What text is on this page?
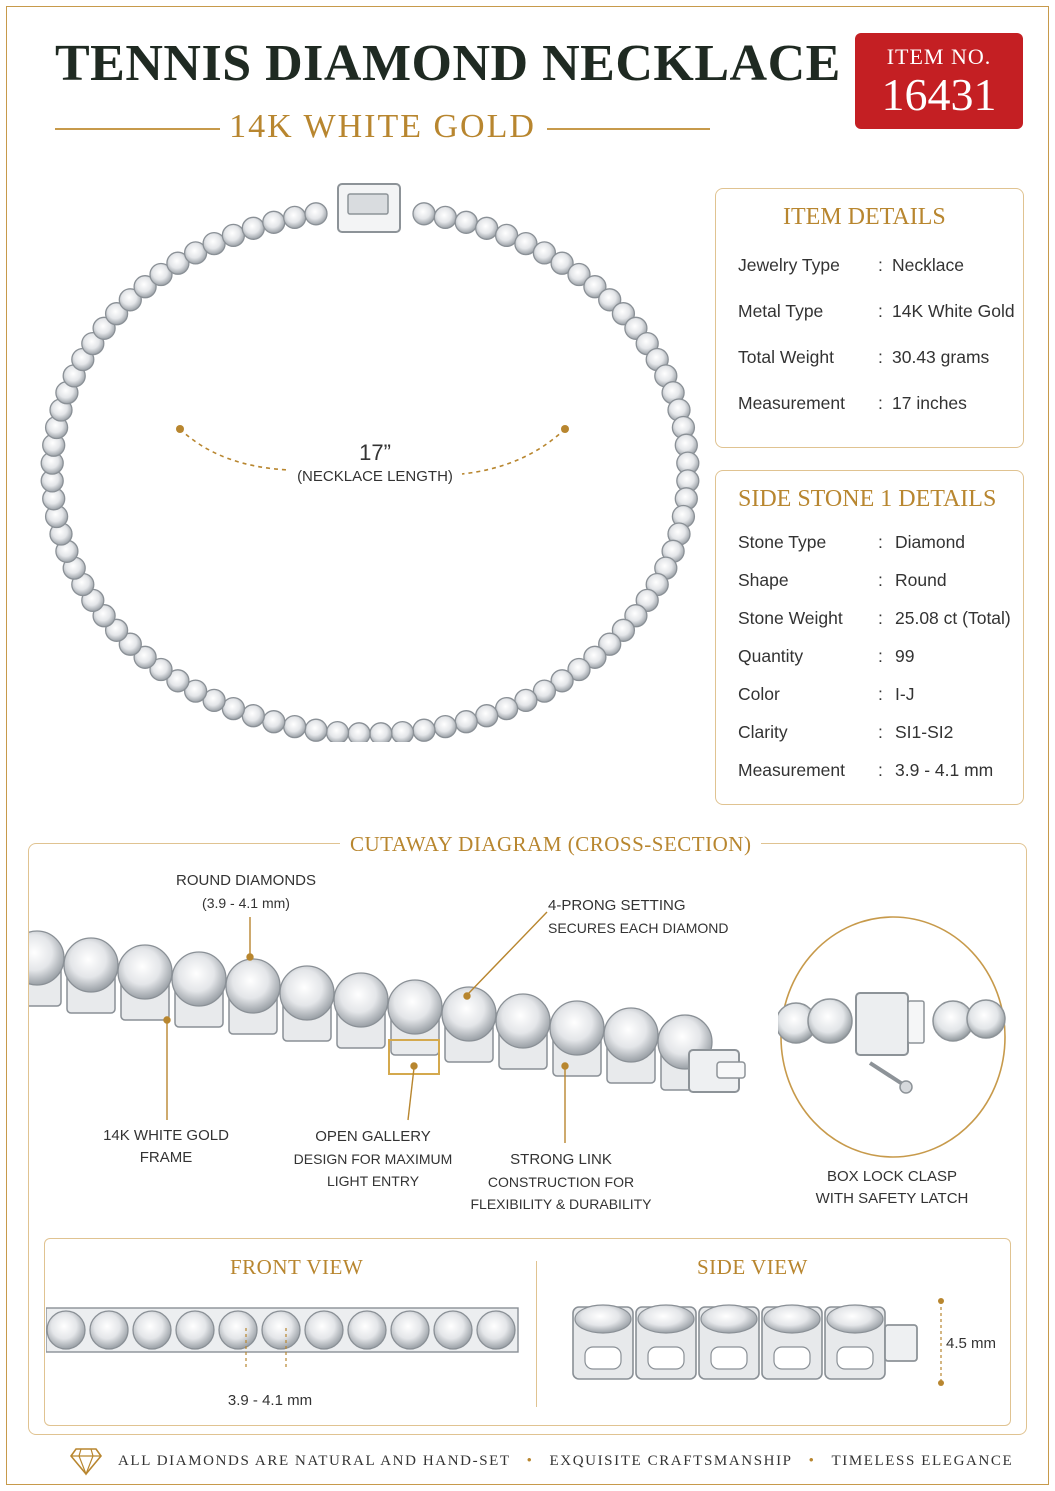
TENNIS DIAMOND NECKLACE
14K WHITE GOLD
ITEM NO.
16431
17”
(NECKLACE LENGTH)
ITEM DETAILS
Jewelry Type : Necklace
Metal Type	: 14K White Gold
Total Weight	: 30.43 grams
Measurement : 17 inches
SIDE STONE 1 DETAILS
Stone Type	: Diamond
Shape	: Round
Stone Weight : 25.08 ct (Total)
Quantity	: 99
Color	: I-J
Clarity	: SI1-SI2
Measurement : 3.9 - 4.1 mm
CUTAWAY DIAGRAM (CROSS-SECTION)
ROUND DIAMONDS
(3.9 - 4.1 mm)	4-PRONG SETTING
SECURES EACH DIAMOND
14K WHITE GOLD
FRAME
OPEN GALLERY
DESIGN FOR MAXIMUM
LIGHT ENTRY
STRONG LINK
CONSTRUCTION FOR
FLEXIBILITY & DURABILITY
BOX LOCK CLASP
WITH SAFETY LATCH
FRONT VIEW	SIDE VIEW
3.9 - 4.1 mm
4.5 mm
ALL DIAMONDS ARE NATURAL AND HAND-SET • EXQUISITE CRAFTSMANSHIP • TIMELESS ELEGANCE
